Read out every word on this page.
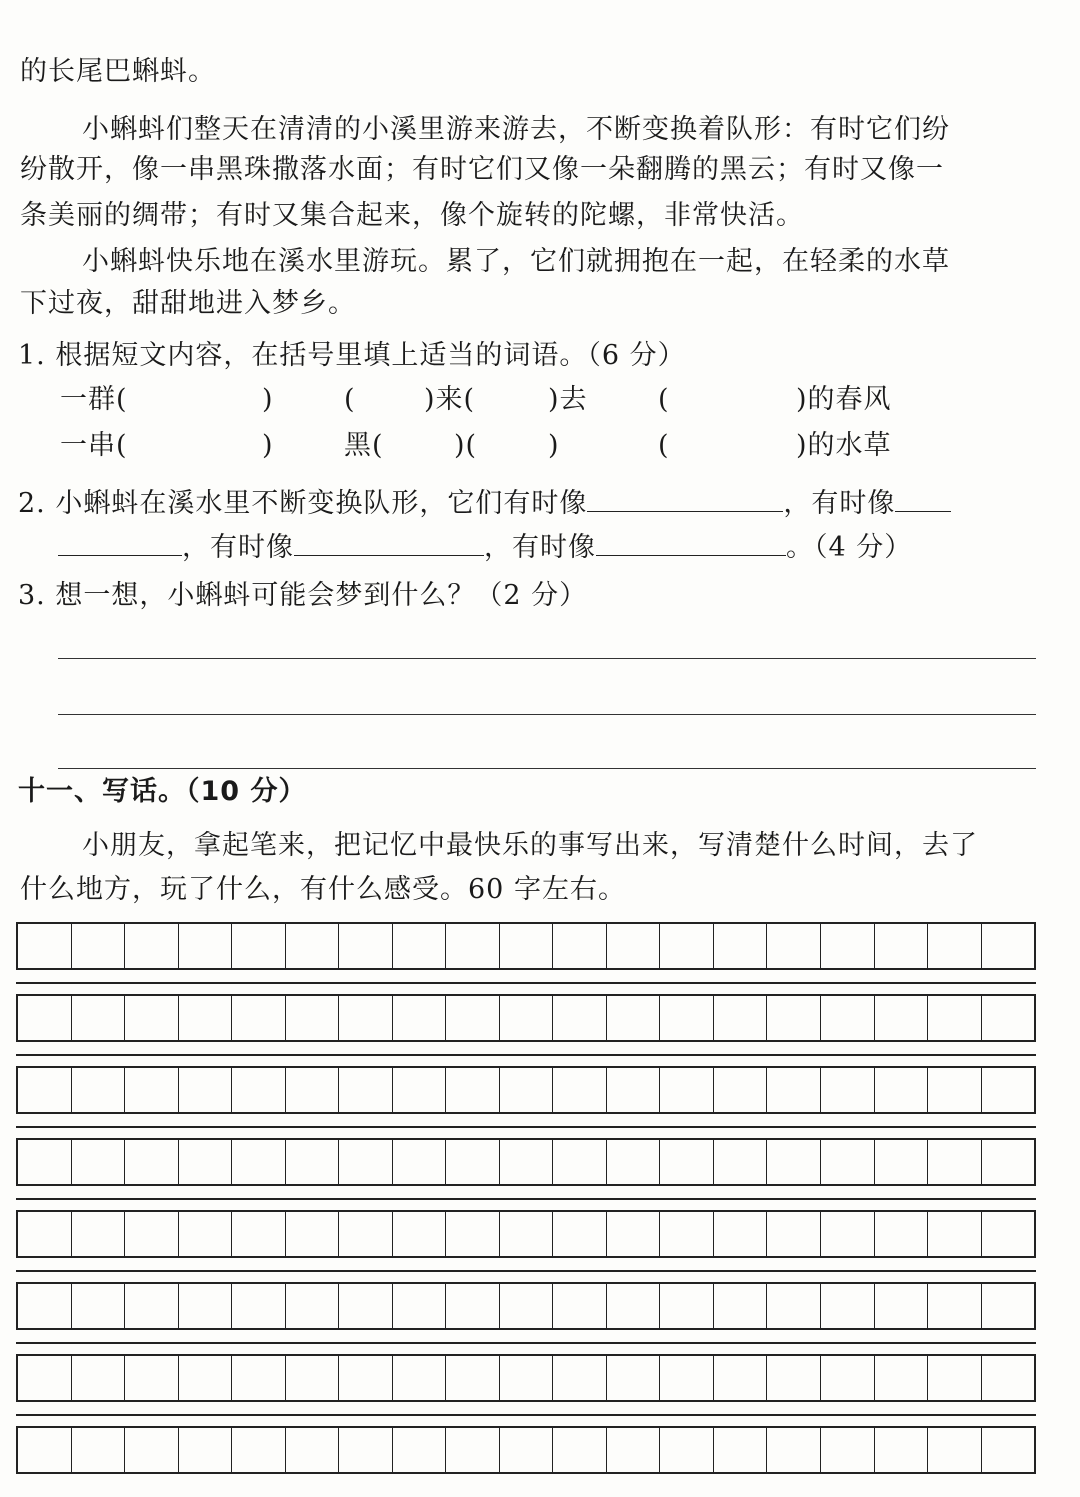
的长尾巴蝌蚪。
小蝌蚪们整天在清清的小溪里游来游去，不断变换着队形：有时它们纷
纷散开，像一串黑珠撒落水面；有时它们又像一朵翻腾的黑云；有时又像一
条美丽的绸带；有时又集合起来，像个旋转的陀螺，非常快活。
小蝌蚪快乐地在溪水里游玩。累了，它们就拥抱在一起，在轻柔的水草
下过夜，甜甜地进入梦乡。
1. 根据短文内容，在括号里填上适当的词语。（6 分）
一群(	)	(	)来(	)去	(	)的春风
一串(	)	黑(	)(	)	(	)的水草
2. 小蝌蚪在溪水里不断变换队形，它们有时像	，有时像
，有时像	，有时像	。（4 分）
3. 想一想，小蝌蚪可能会梦到什么？（2 分）
十一、写话。（10 分）
小朋友，拿起笔来，把记忆中最快乐的事写出来，写清楚什么时间，去了
什么地方，玩了什么，有什么感受。60 字左右。
